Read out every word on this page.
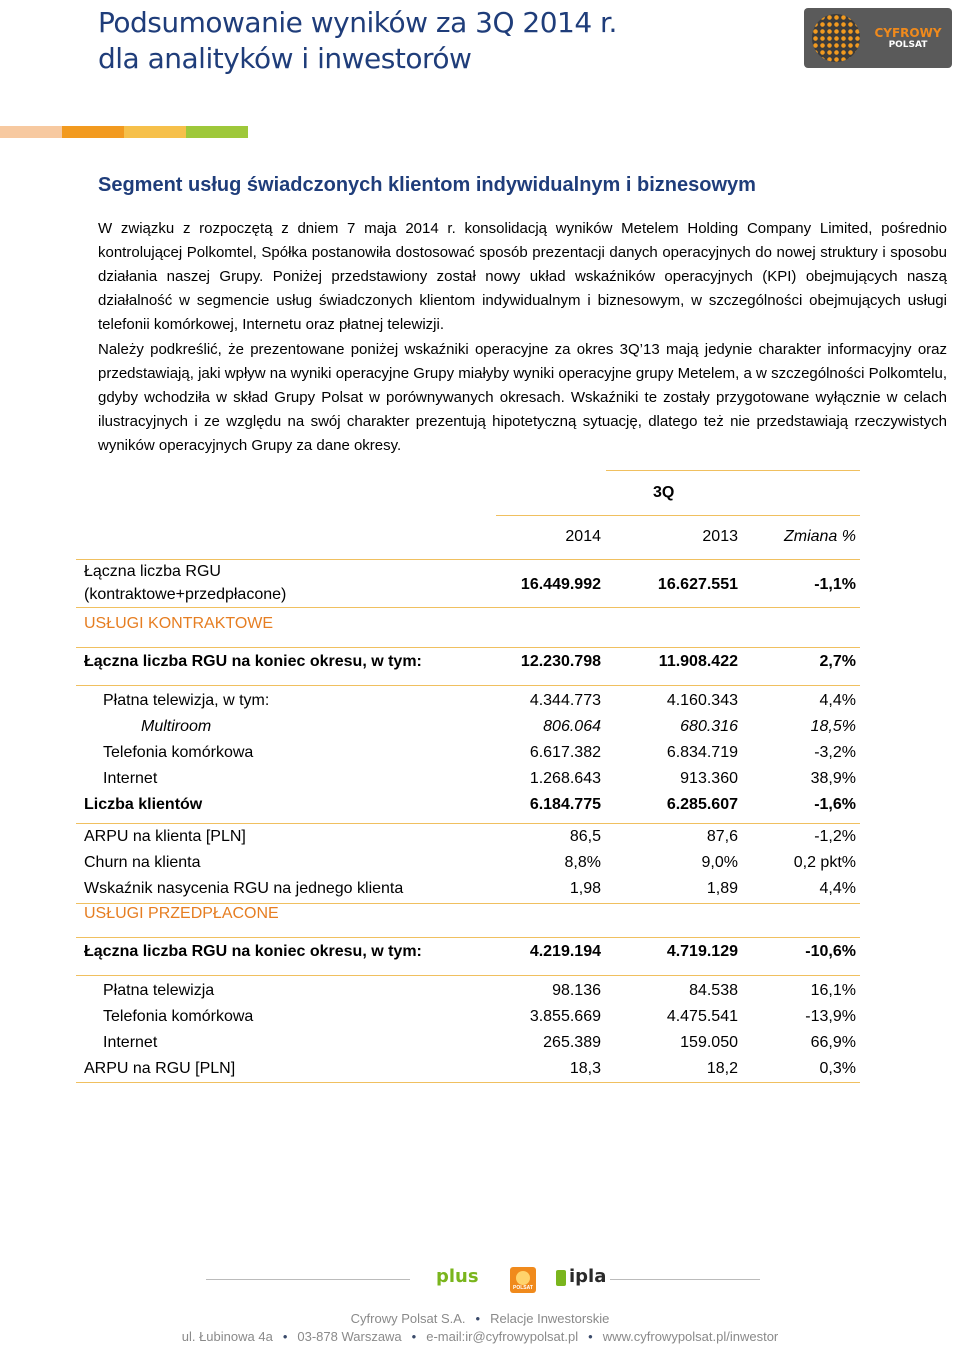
Podsumowanie wyników za 3Q 2014 r.
dla analityków i inwestorów
CYFROWY
POLSAT
Segment usług świadczonych klientom indywidualnym i biznesowym

W związku z rozpoczętą z dniem 7 maja 2014 r. konsolidacją wyników Metelem Holding Company Limited, pośrednio kontrolującej Polkomtel, Spółka postanowiła dostosować sposób prezentacji danych operacyjnych do nowej struktury i sposobu działania naszej Grupy. Poniżej przedstawiony został nowy układ wskaźników operacyjnych (KPI) obejmujących naszą działalność w segmencie usług świadczonych klientom indywidualnym i biznesowym, w szczególności obejmujących usługi telefonii komórkowej, Internetu oraz płatnej telewizji.

Należy podkreślić, że prezentowane poniżej wskaźniki operacyjne za okres 3Q’13 mają jedynie charakter informacyjny oraz przedstawiają, jaki wpływ na wyniki operacyjne Grupy miałyby wyniki operacyjne grupy Metelem, a w szczególności Polkomtelu, gdyby wchodziła w skład Grupy Polsat w porównywanych okresach. Wskaźniki te zostały przygotowane wyłącznie w celach ilustracyjnych i ze względu na swój charakter prezentują hipotetyczną sytuację, dlatego też nie przedstawiają rzeczywistych wyników operacyjnych Grupy za dane okresy.

3Q
2014	2013	Zmiana %
Łączna liczba RGU
(kontraktowe+przedpłacone)
16.449.992	16.627.551	-1,1%
USŁUGI KONTRAKTOWE
Łączna liczba RGU na koniec okresu, w tym:	12.230.798	11.908.422	2,7%
Płatna telewizja, w tym:	4.344.773	4.160.343	4,4%
Multiroom	806.064	680.316	18,5%
Telefonia komórkowa	6.617.382	6.834.719	-3,2%
Internet	1.268.643	913.360	38,9%
Liczba klientów	6.184.775	6.285.607	-1,6%
ARPU na klienta [PLN]	86,5	87,6	-1,2%
Churn na klienta	8,8%	9,0%	0,2 pkt%
Wskaźnik nasycenia RGU na jednego klienta	1,98	1,89	4,4%
USŁUGI PRZEDPŁACONE
Łączna liczba RGU na koniec okresu, w tym:	4.219.194	4.719.129	-10,6%
Płatna telewizja	98.136	84.538	16,1%
Telefonia komórkowa	3.855.669	4.475.541	-13,9%
Internet	265.389	159.050	66,9%
ARPU na RGU [PLN]	18,3	18,2	0,3%
plus
POLSAT
ipla
Cyfrowy Polsat S.A. • Relacje Inwestorskie
ul. Łubinowa 4a • 03-878 Warszawa • e-mail:ir@cyfrowypolsat.pl • www.cyfrowypolsat.pl/inwestor
